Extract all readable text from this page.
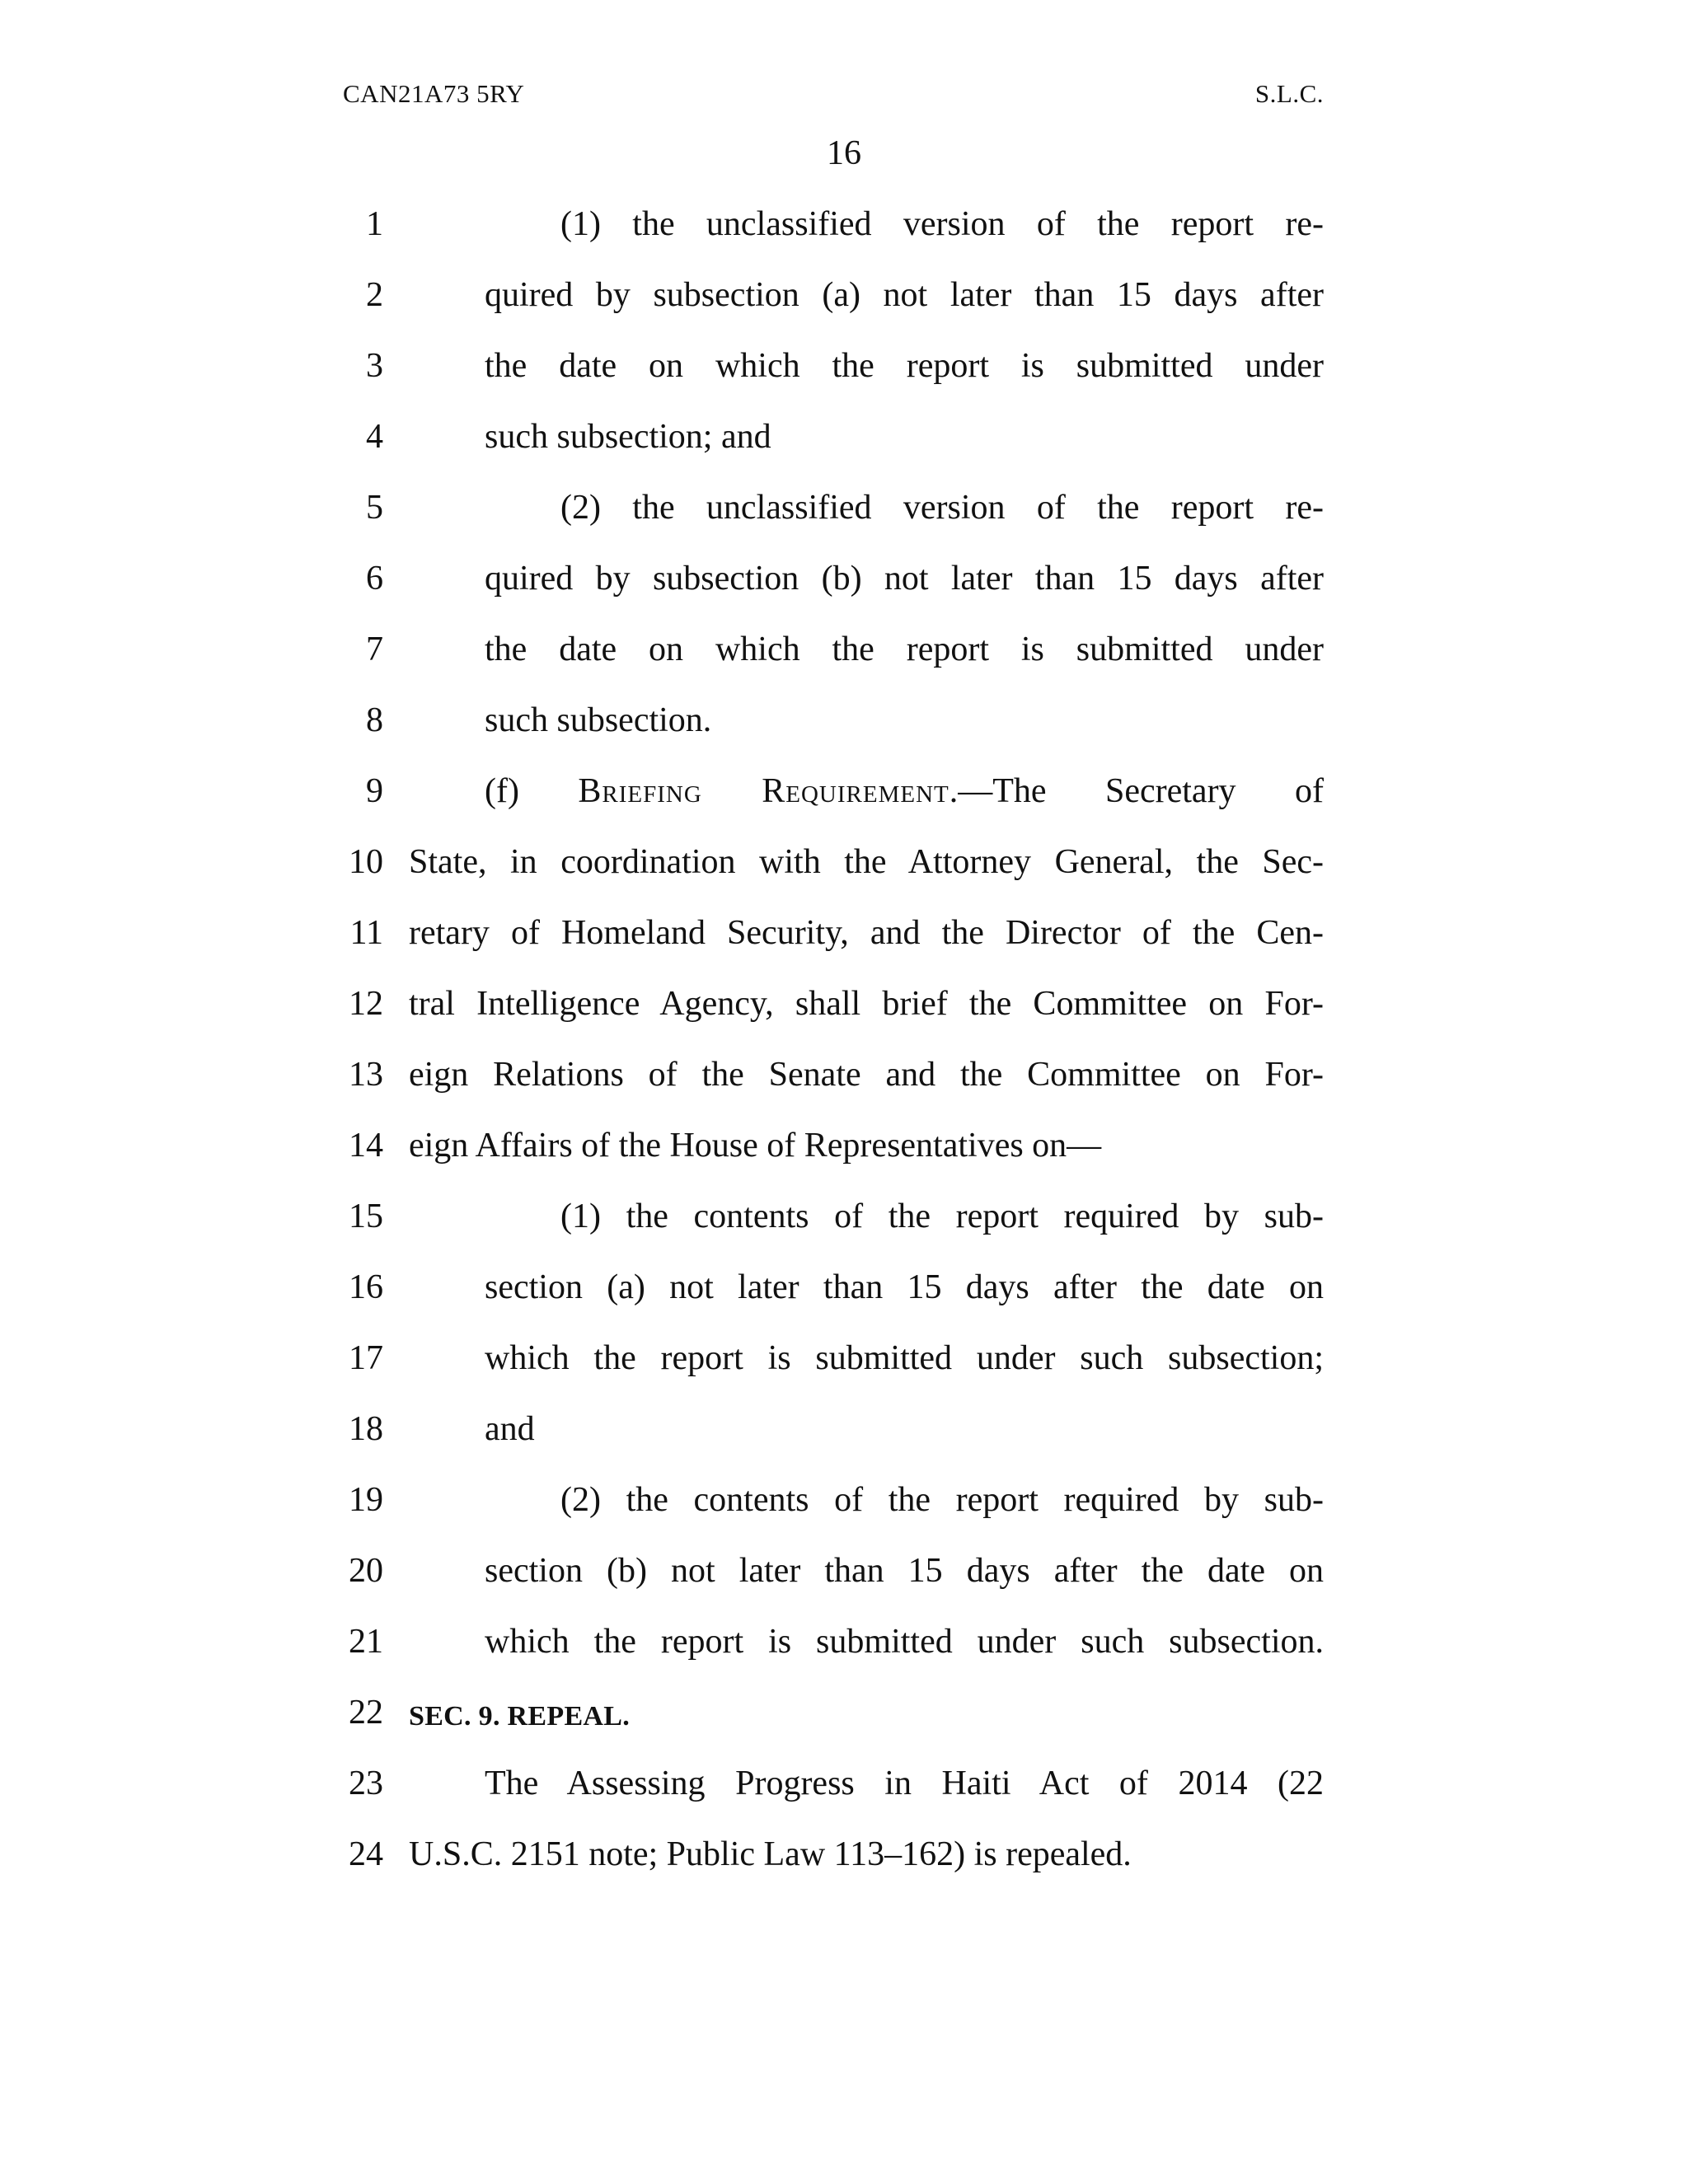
CAN21A73 5RY	S.L.C.
16
1	(1) the unclassified version of the report re-
2	quired by subsection (a) not later than 15 days after
3	the date on which the report is submitted under
4	such subsection; and
5	(2) the unclassified version of the report re-
6	quired by subsection (b) not later than 15 days after
7	the date on which the report is submitted under
8	such subsection.
9	(f) Briefing Requirement.—The Secretary of
10 State, in coordination with the Attorney General, the Sec-
11 retary of Homeland Security, and the Director of the Cen-
12 tral Intelligence Agency, shall brief the Committee on For-
13 eign Relations of the Senate and the Committee on For-
14 eign Affairs of the House of Representatives on—
15	(1) the contents of the report required by sub-
16	section (a) not later than 15 days after the date on
17	which the report is submitted under such subsection;
18	and
19	(2) the contents of the report required by sub-
20	section (b) not later than 15 days after the date on
21	which the report is submitted under such subsection.
22 SEC. 9. REPEAL.
23	The Assessing Progress in Haiti Act of 2014 (22
24 U.S.C. 2151 note; Public Law 113–162) is repealed.
